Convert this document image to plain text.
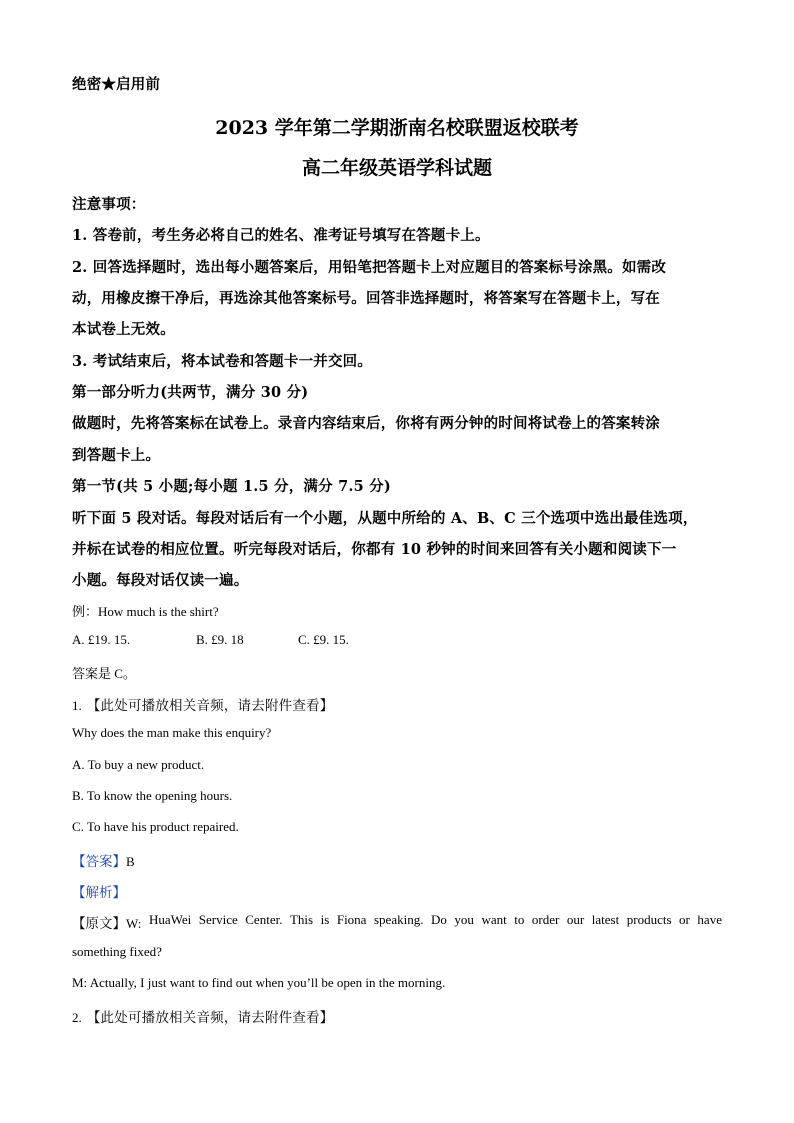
绝密★启用前
2023 学年第二学期浙南名校联盟返校联考
高二年级英语学科试题
注意事项：
1. 答卷前，考生务必将自己的姓名、准考证号填写在答题卡上。
2. 回答选择题时，选出每小题答案后，用铅笔把答题卡上对应题目的答案标号涂黑。如需改
动，用橡皮擦干净后，再选涂其他答案标号。回答非选择题时，将答案写在答题卡上，写在
本试卷上无效。
3. 考试结束后，将本试卷和答题卡一并交回。
第一部分听力(共两节，满分 30 分)
做题时，先将答案标在试卷上。录音内容结束后，你将有两分钟的时间将试卷上的答案转涂
到答题卡上。
第一节(共 5 小题;每小题 1.5 分，满分 7.5 分)
听下面 5 段对话。每段对话后有一个小题，从题中所给的 A、B、C 三个选项中选出最佳选项，
并标在试卷的相应位置。听完每段对话后，你都有 10 秒钟的时间来回答有关小题和阅读下一
小题。每段对话仅读一遍。
例：How much is the shirt?
A. £19. 15.	B. £9. 18	C. £9. 15.
答案是 C。
1. 【此处可播放相关音频，请去附件查看】
Why does the man make this enquiry?
A. To buy a new product.
B. To know the opening hours.
C. To have his product repaired.
【答案】B
【解析】
【原文】W: HuaWei Service Center. This is Fiona speaking. Do you want to order our latest products or have
something fixed?
M: Actually, I just want to find out when you’ll be open in the morning.
2. 【此处可播放相关音频，请去附件查看】
